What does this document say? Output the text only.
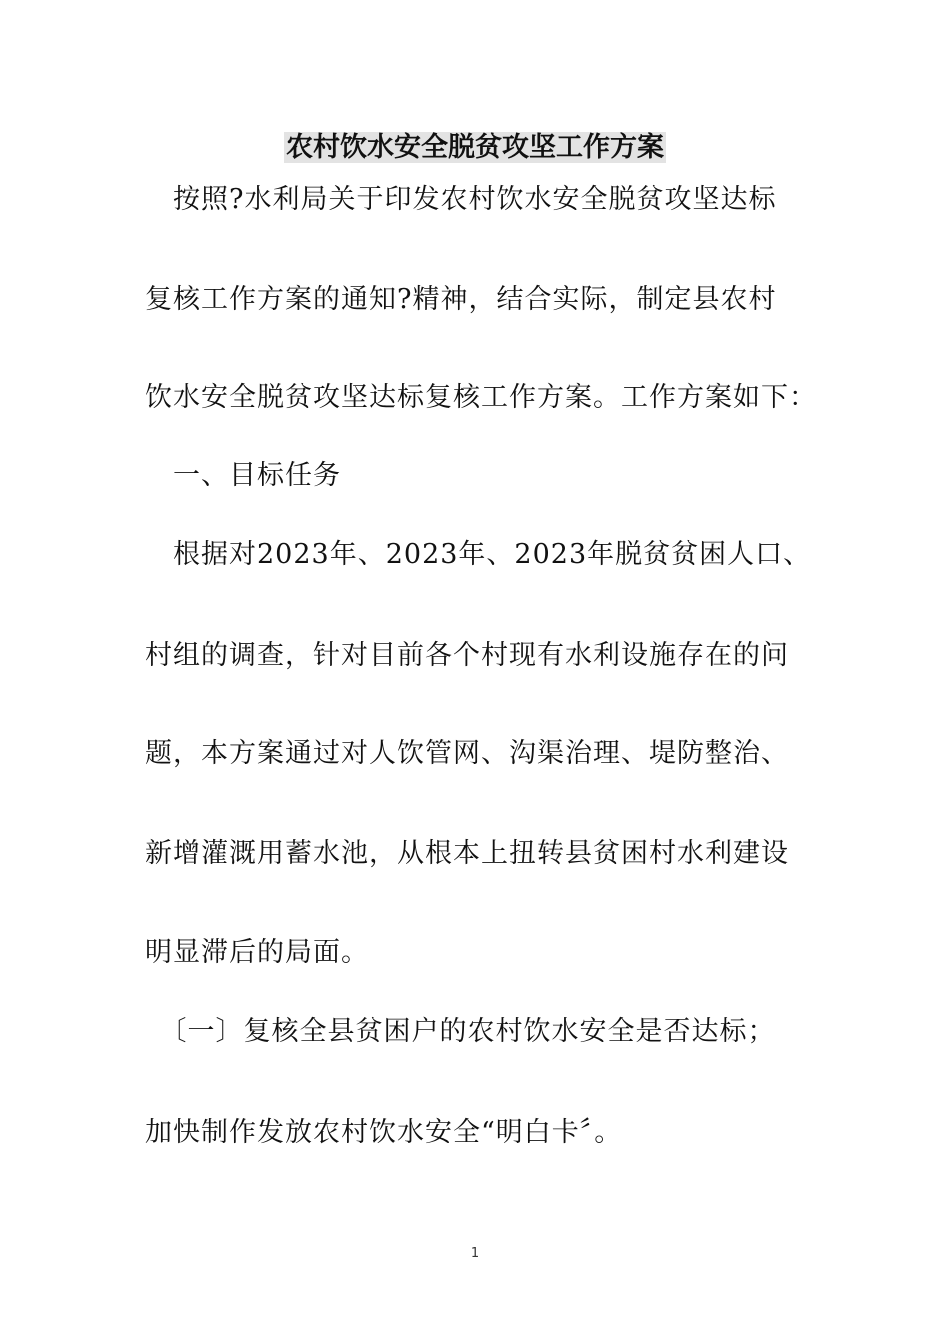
农村饮水安全脱贫攻坚工作方案
　按照?水利局关于印发农村饮水安全脱贫攻坚达标
复核工作方案的通知?精神，结合实际，制定县农村
饮水安全脱贫攻坚达标复核工作方案。工作方案如下：
　一、目标任务
　根据对2023年、2023年、2023年脱贫贫困人口、
村组的调查，针对目前各个村现有水利设施存在的问
题，本方案通过对人饮管网、沟渠治理、堤防整治、
新增灌溉用蓄水池，从根本上扭转县贫困村水利建设
明显滞后的局面。
　〔一〕复核全县贫困户的农村饮水安全是否达标；
加快制作发放农村饮水安全“明白卡〞。
1
